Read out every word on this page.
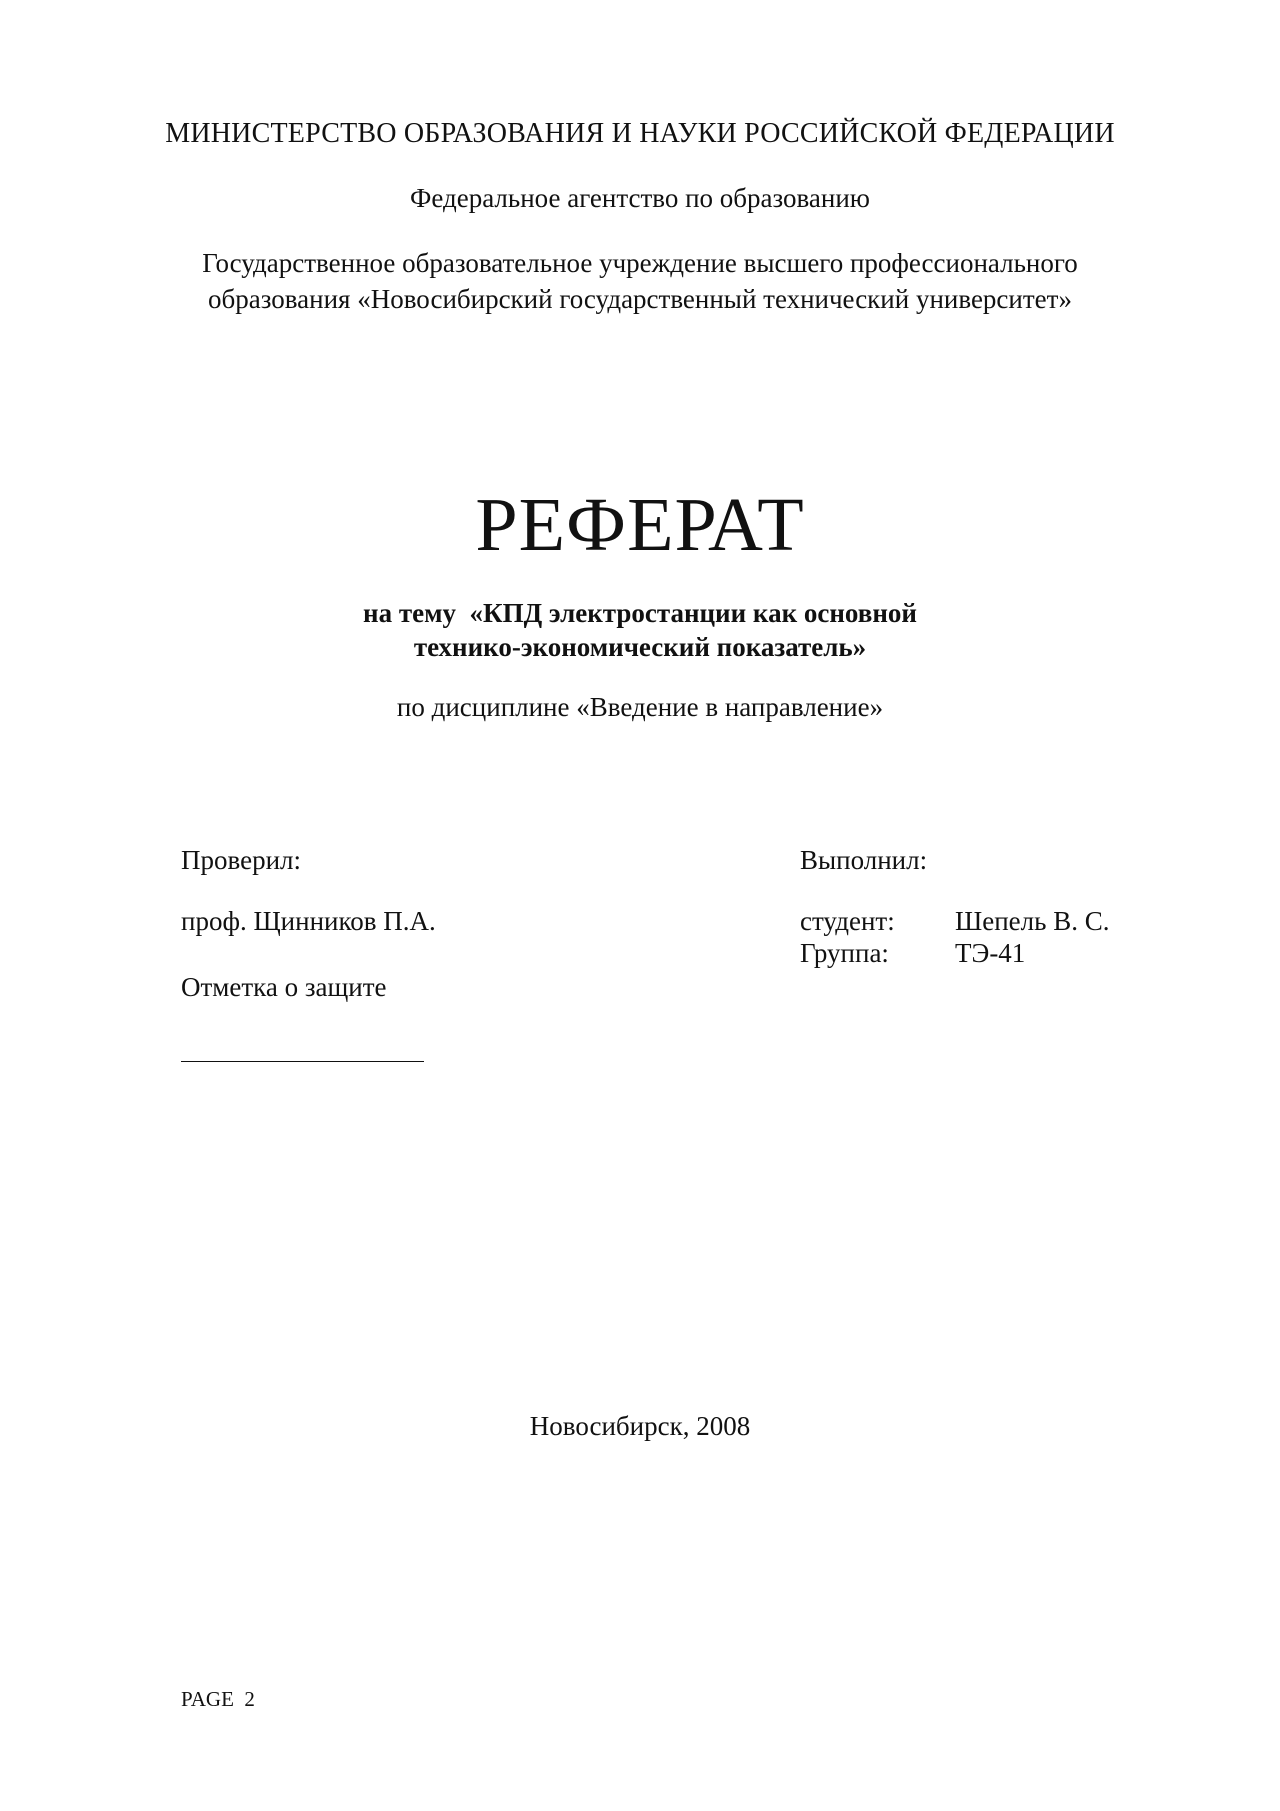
МИНИСТЕРСТВО ОБРАЗОВАНИЯ И НАУКИ РОССИЙСКОЙ ФЕДЕРАЦИИ
Федеральное агентство по образованию
Государственное образовательное учреждение высшего профессионального
образования «Новосибирский государственный технический университет»
РЕФЕРАТ
на тему  «КПД электростанции как основной
технико-экономический показатель»
по дисциплине «Введение в направление»
Проверил:
проф. Щинников П.А.
Отметка о защите
Выполнил:
студент: Шепель В. С.
Группа: ТЭ-41
Новосибирск, 2008
PAGE  2
